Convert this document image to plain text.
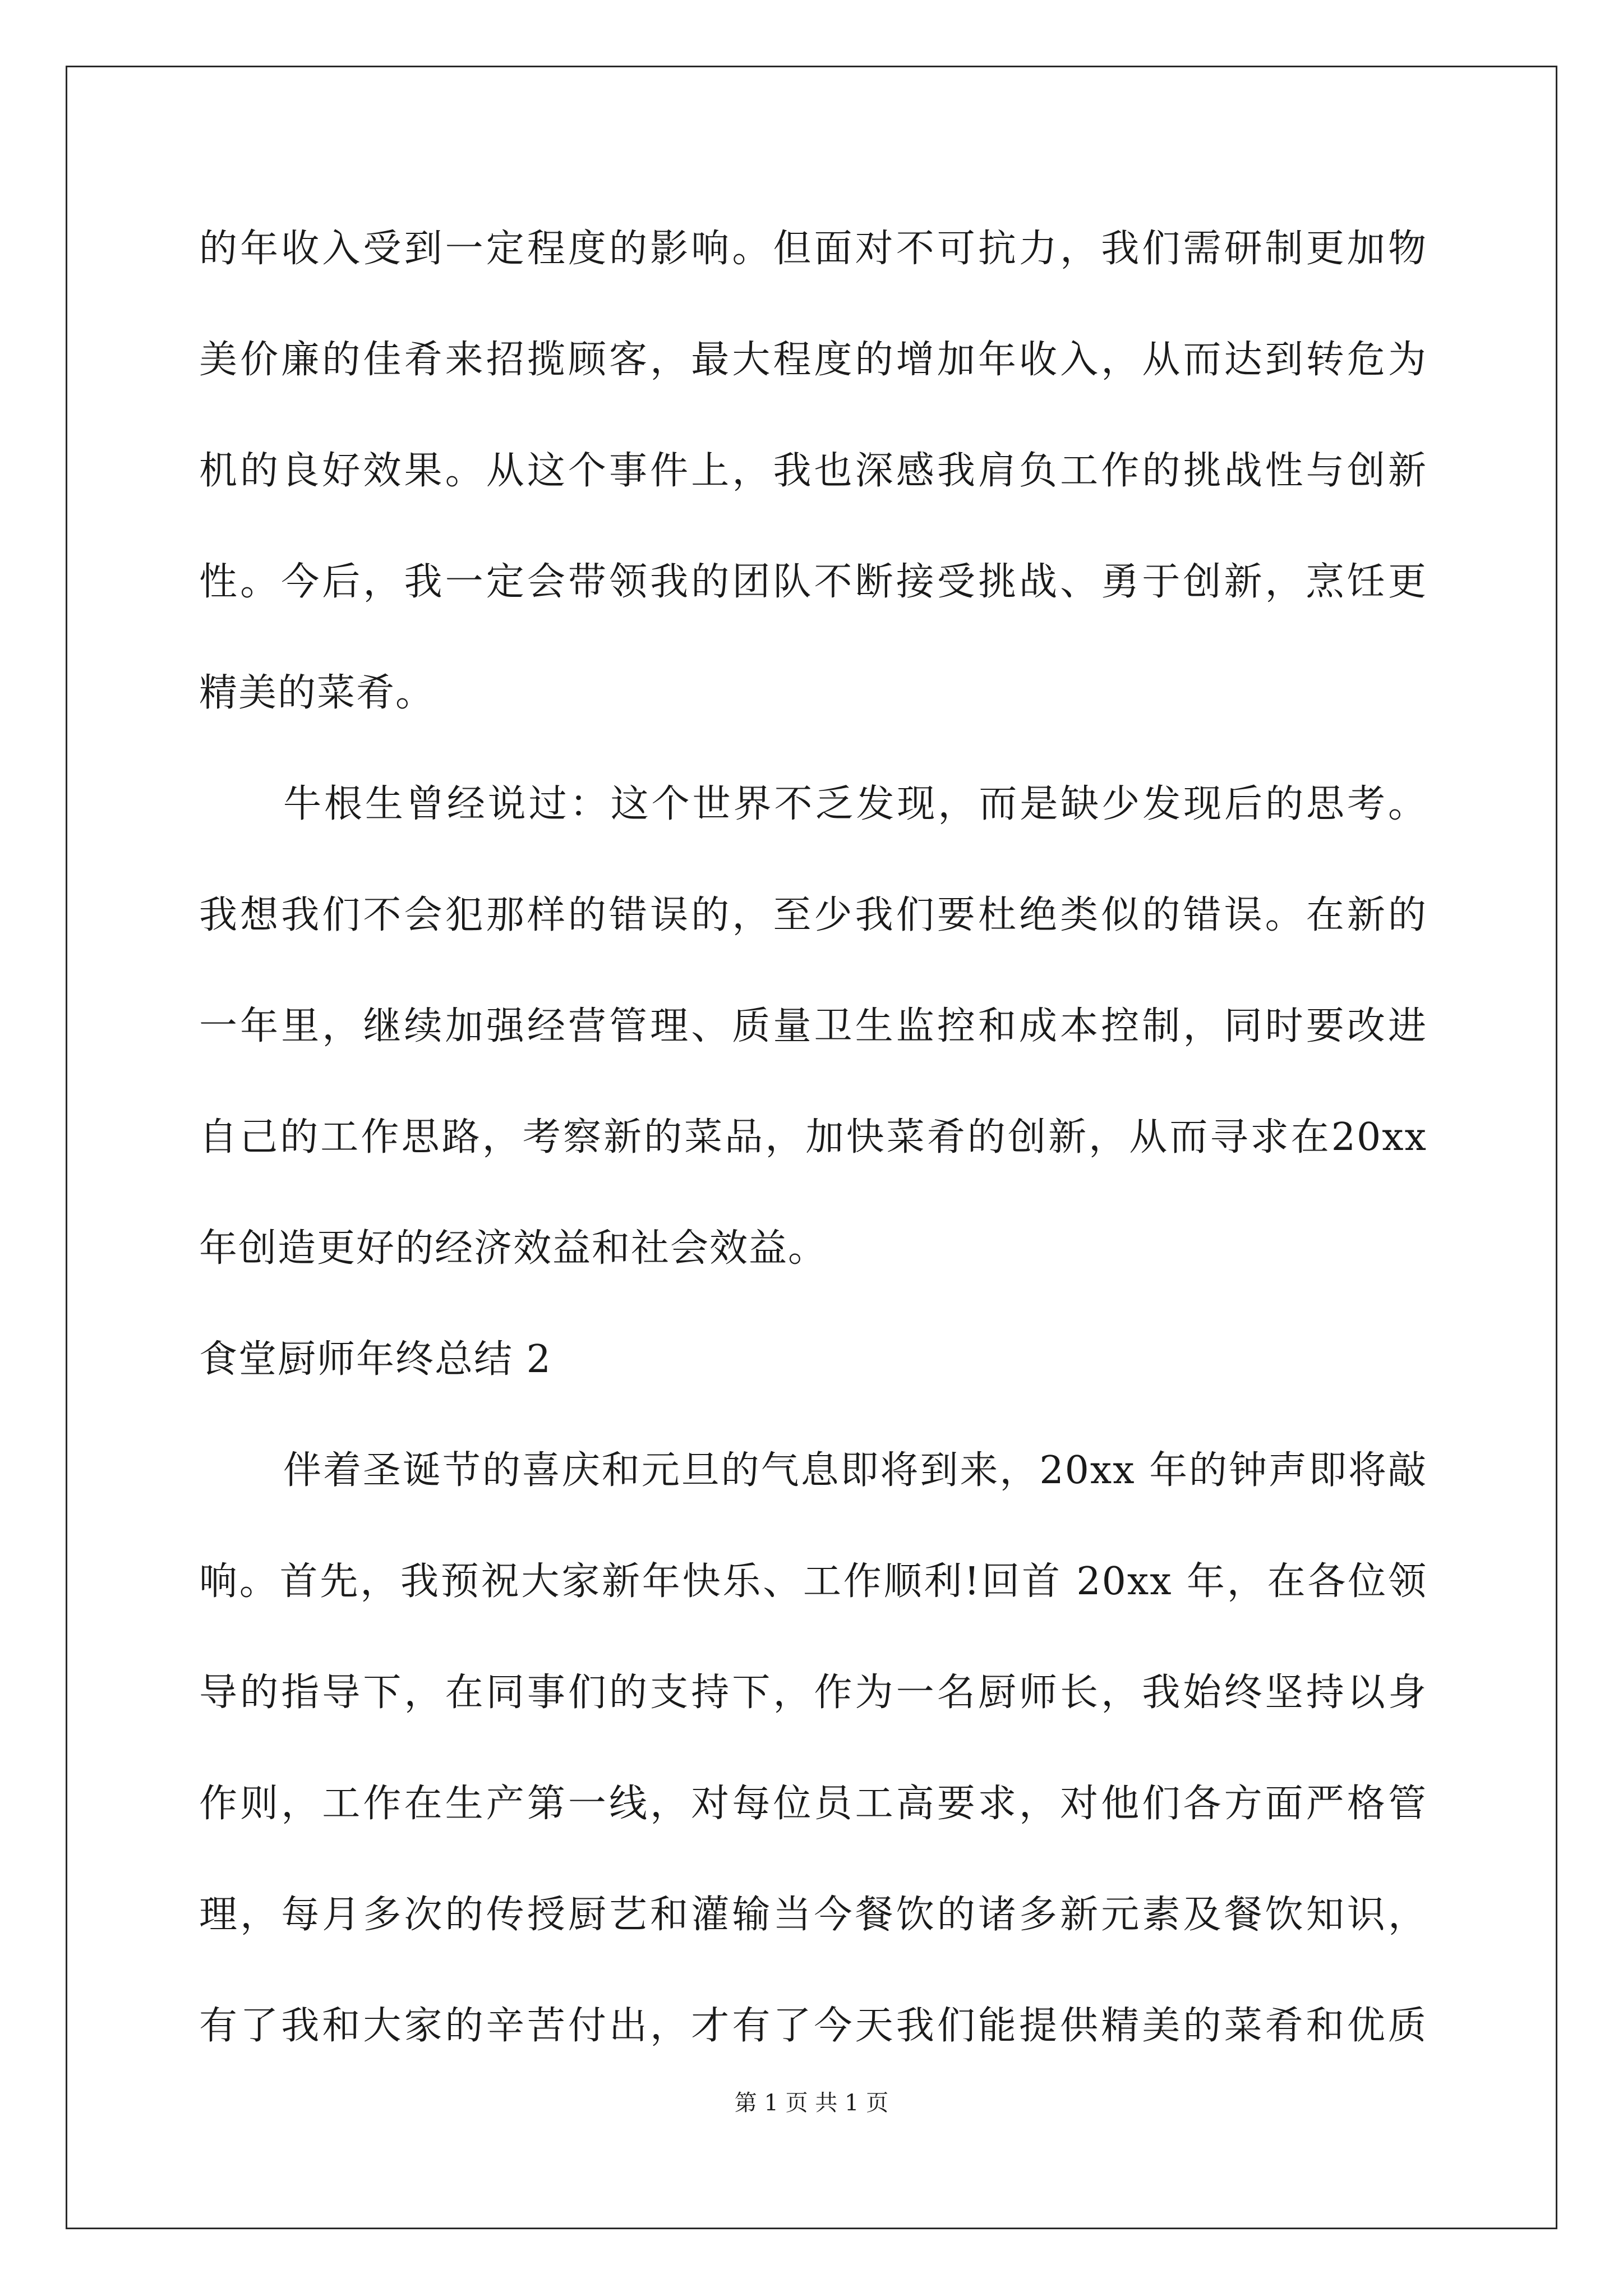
的年收入受到一定程度的影响。但面对不可抗力，我们需研制更加物
美价廉的佳肴来招揽顾客，最大程度的增加年收入，从而达到转危为
机的良好效果。从这个事件上，我也深感我肩负工作的挑战性与创新
性。今后，我一定会带领我的团队不断接受挑战、勇于创新，烹饪更
精美的菜肴。
牛根生曾经说过：这个世界不乏发现，而是缺少发现后的思考。
我想我们不会犯那样的错误的，至少我们要杜绝类似的错误。在新的
一年里，继续加强经营管理、质量卫生监控和成本控制，同时要改进
自己的工作思路，考察新的菜品，加快菜肴的创新，从而寻求在20xx
年创造更好的经济效益和社会效益。
食堂厨师年终总结 2
伴着圣诞节的喜庆和元旦的气息即将到来，20xx 年的钟声即将敲
响。首先，我预祝大家新年快乐、工作顺利!回首 20xx 年，在各位领
导的指导下，在同事们的支持下，作为一名厨师长，我始终坚持以身
作则，工作在生产第一线，对每位员工高要求，对他们各方面严格管
理，每月多次的传授厨艺和灌输当今餐饮的诸多新元素及餐饮知识，
有了我和大家的辛苦付出，才有了今天我们能提供精美的菜肴和优质
第 1 页 共 1 页
